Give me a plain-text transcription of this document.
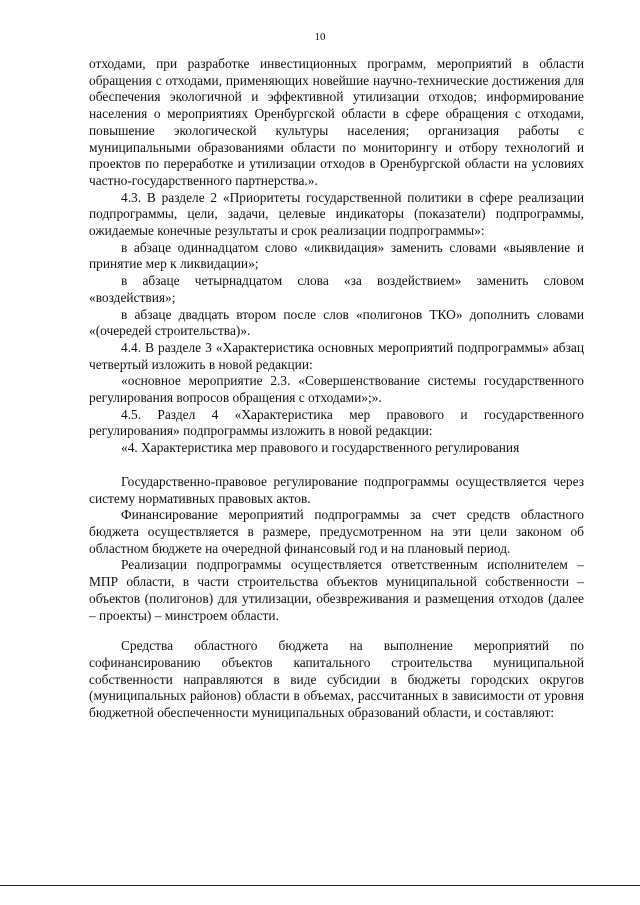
10

отходами, при разработке инвестиционных программ, мероприятий в области обращения с отходами, применяющих новейшие научно-технические достижения для обеспечения экологичной и эффективной утилизации отходов; информирование населения о мероприятиях Оренбургской области в сфере обращения с отходами, повышение экологической культуры населения; организация работы с муниципальными образованиями области по мониторингу и отбору технологий и проектов по переработке и утилизации отходов в Оренбургской области на условиях частно-государственного партнерства.».

4.3. В разделе 2 «Приоритеты государственной политики в сфере реализации подпрограммы, цели, задачи, целевые индикаторы (показатели) подпрограммы, ожидаемые конечные результаты и срок реализации подпрограммы»:

в абзаце одиннадцатом слово «ликвидация» заменить словами «выявление и принятие мер к ликвидации»;

в абзаце четырнадцатом слова «за воздействием» заменить словом «воздействия»;

в абзаце двадцать втором после слов «полигонов ТКО» дополнить словами «(очередей строительства)».

4.4. В разделе 3 «Характеристика основных мероприятий подпрограммы» абзац четвертый изложить в новой редакции:

«основное мероприятие 2.3. «Совершенствование системы государственного регулирования вопросов обращения с отходами»;».

4.5. Раздел 4 «Характеристика мер правового и государственного регулирования» подпрограммы изложить в новой редакции:

«4. Характеристика мер правового и государственного регулирования

Государственно-правовое регулирование подпрограммы осуществляется через систему нормативных правовых актов.

Финансирование мероприятий подпрограммы за счет средств областного бюджета осуществляется в размере, предусмотренном на эти цели законом об областном бюджете на очередной финансовый год и на плановый период.

Реализации подпрограммы осуществляется ответственным исполнителем – МПР области, в части строительства объектов муниципальной собственности – объектов (полигонов) для утилизации, обезвреживания и размещения отходов (далее – проекты) – минстроем области.

Средства областного бюджета на выполнение мероприятий по софинансированию объектов капитального строительства муниципальной собственности направляются в виде субсидии в бюджеты городских округов (муниципальных районов) области в объемах, рассчитанных в зависимости от уровня бюджетной обеспеченности муниципальных образований области, и составляют:
